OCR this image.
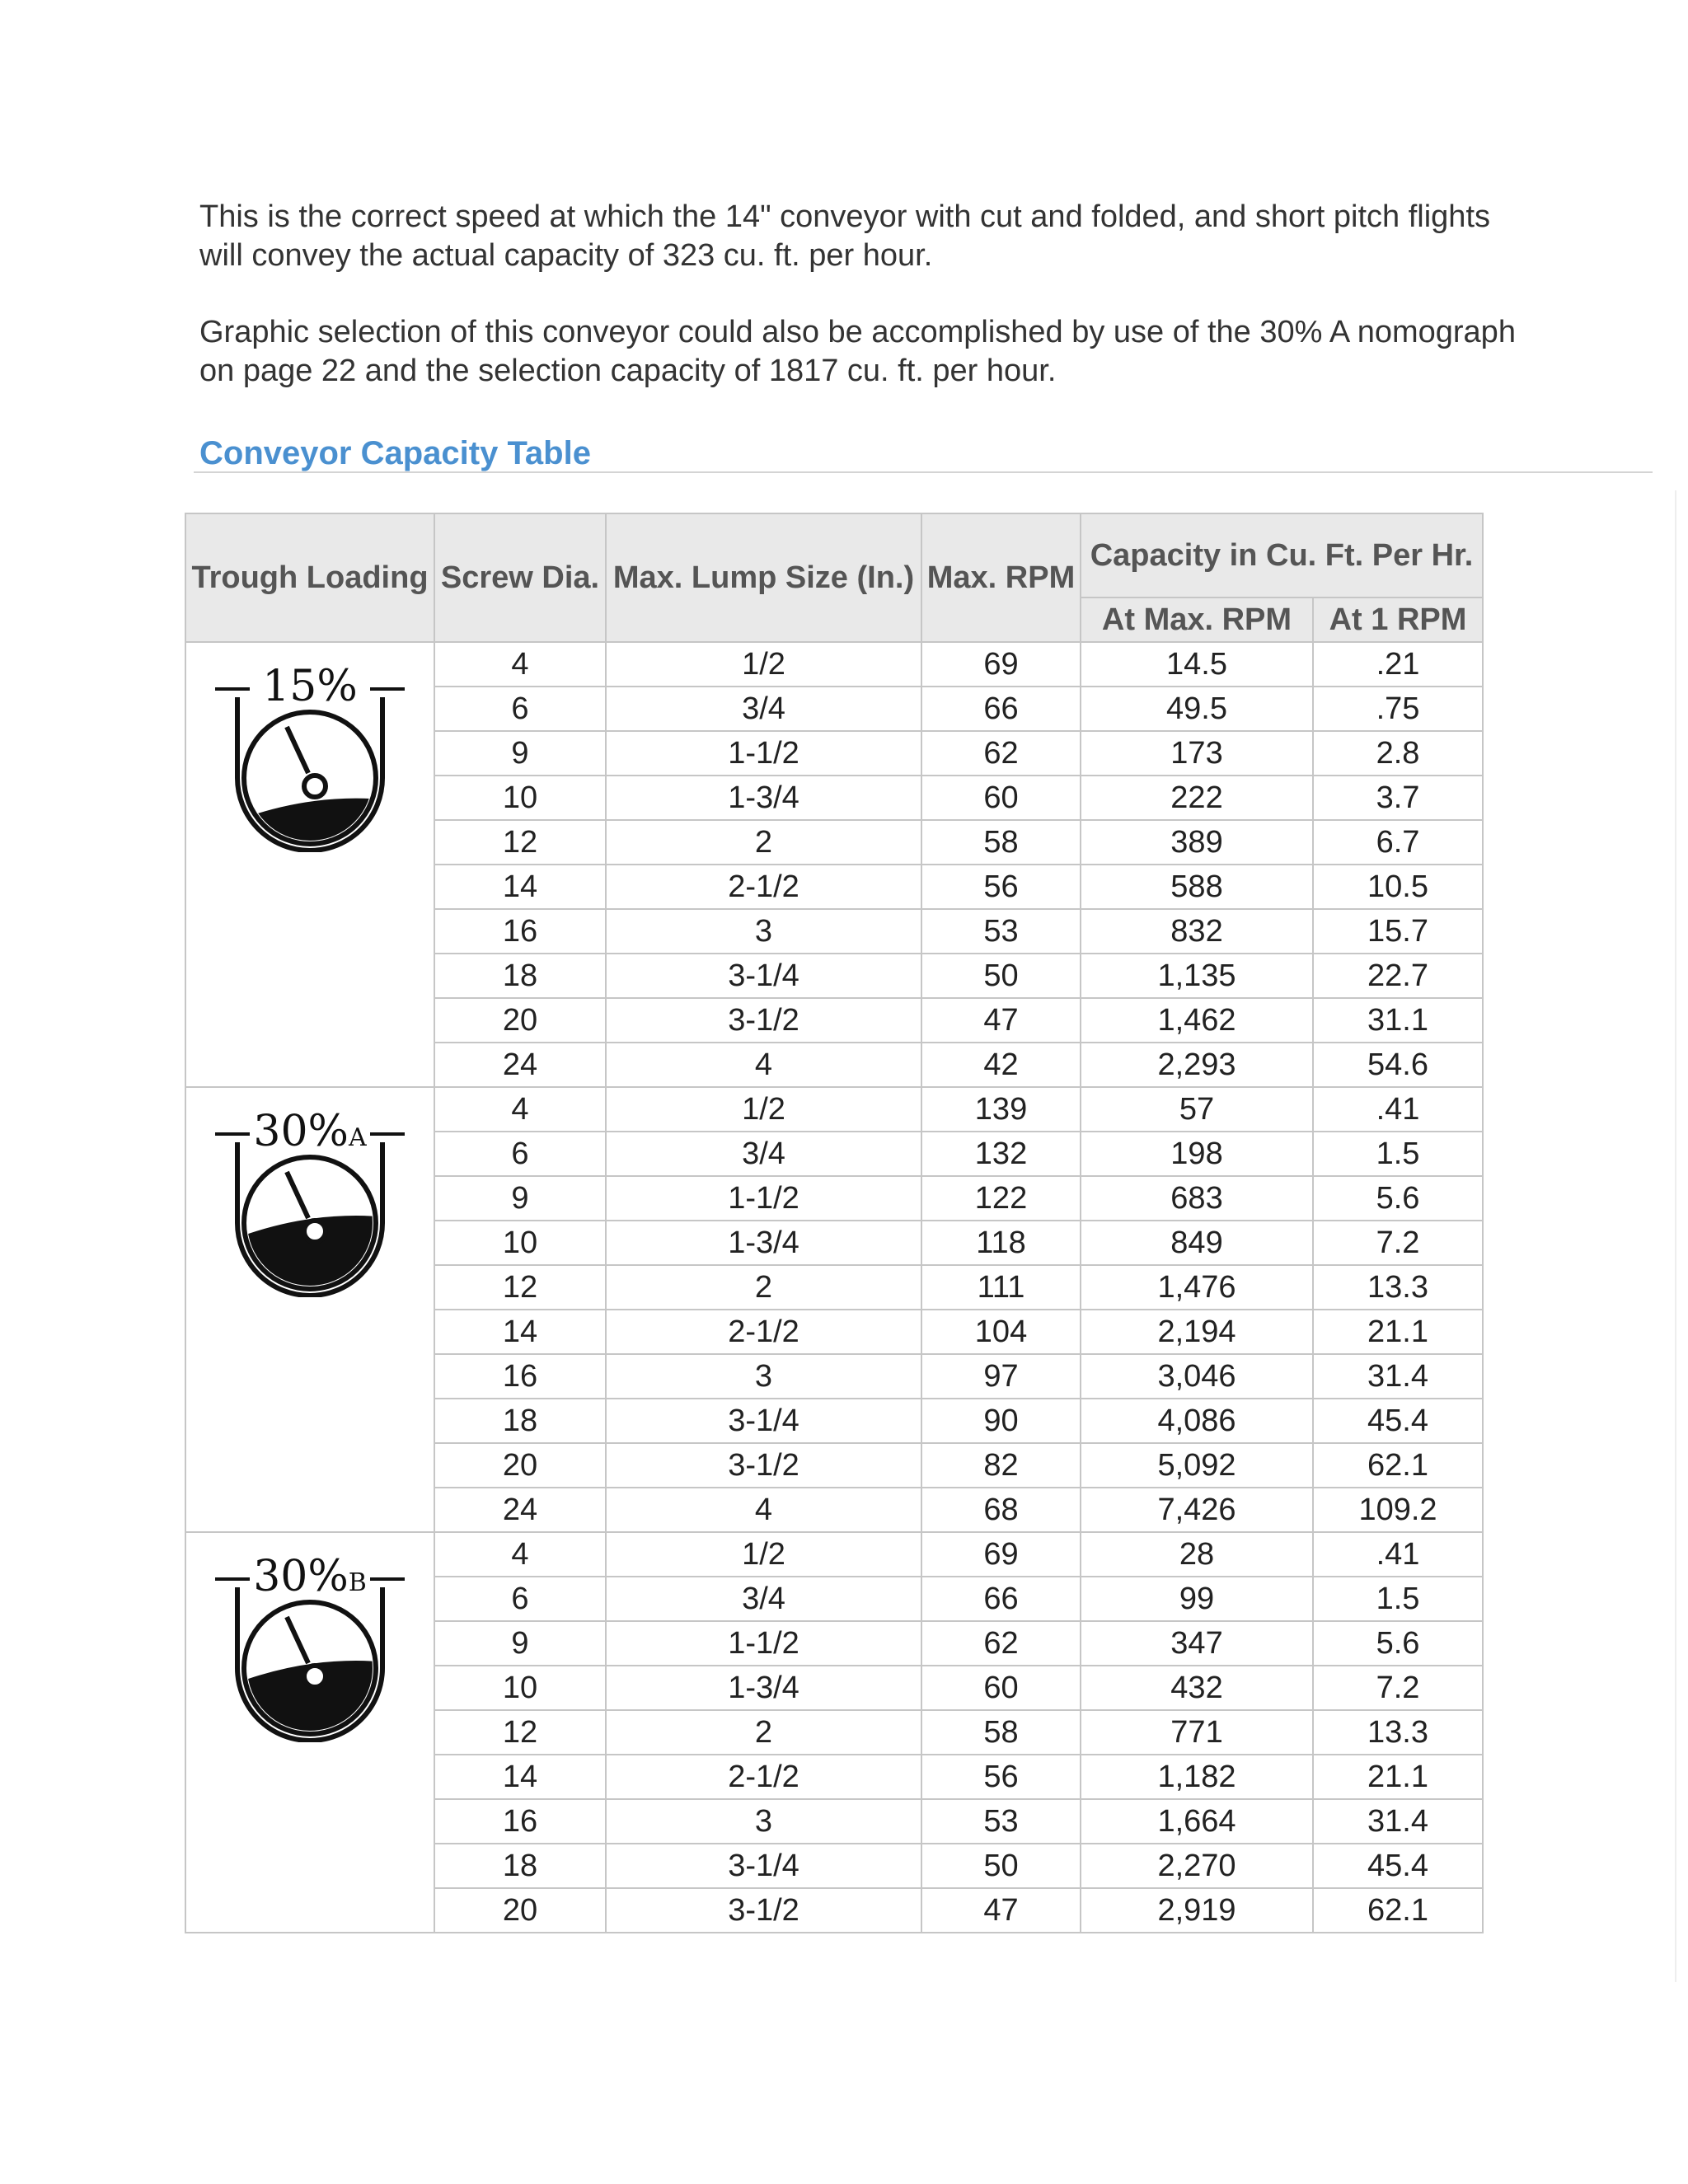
This is the correct speed at which the 14" conveyor with cut and folded, and short pitch flights will convey the actual capacity of 323 cu. ft. per hour.

Graphic selection of this conveyor could also be accomplished by use of the 30% A nomograph on page 22 and the selection capacity of 1817 cu. ft. per hour.

Conveyor Capacity Table
Trough Loading	Screw Dia.	Max. Lump Size (In.)	Max. RPM	Capacity in Cu. Ft. Per Hr.	
				At Max. RPM	At 1 RPM

15%	4	1/2	69	14.5	.21
	6	3/4	66	49.5	.75
	9	1-1/2	62	173	2.8
	10	1-3/4	60	222	3.7
	12	2	58	389	6.7
	14	2-1/2	56	588	10.5
	16	3	53	832	15.7
	18	3-1/4	50	1,135	22.7
	20	3-1/2	47	1,462	31.1
	24	4	42	2,293	54.6

30%A	4	1/2	139	57	.41
	6	3/4	132	198	1.5
	9	1-1/2	122	683	5.6
	10	1-3/4	118	849	7.2
	12	2	111	1,476	13.3
	14	2-1/2	104	2,194	21.1
	16	3	97	3,046	31.4
	18	3-1/4	90	4,086	45.4
	20	3-1/2	82	5,092	62.1
	24	4	68	7,426	109.2

30%B	4	1/2	69	28	.41
	6	3/4	66	99	1.5
	9	1-1/2	62	347	5.6
	10	1-3/4	60	432	7.2
	12	2	58	771	13.3
	14	2-1/2	56	1,182	21.1
	16	3	53	1,664	31.4
	18	3-1/4	50	2,270	45.4
	20	3-1/2	47	2,919	62.1
